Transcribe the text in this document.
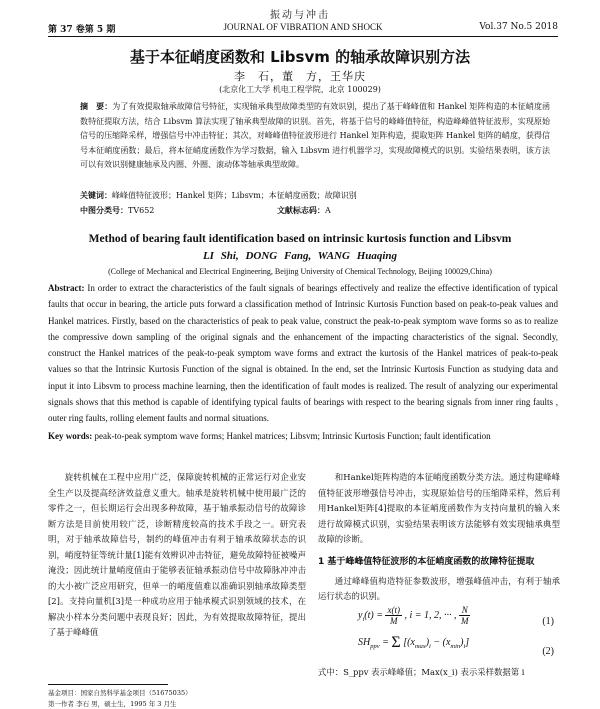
振动与冲击
第 37 卷第 5 期	JOURNAL OF VIBRATION AND SHOCK	Vol.37 No.5 2018
基于本征峭度函数和 Libsvm 的轴承故障识别方法
李　石，董　方，王华庆
(北京化工大学 机电工程学院，北京 100029)
摘　要：为了有效提取轴承故障信号特征，实现轴承典型故障类型的有效识别，提出了基于峰峰值和 Hankel 矩阵构造的本征峭度函数特征提取方法，结合 Libsvm 算法实现了轴承典型故障的识别。首先，将基于信号的峰峰值特征，构造峰峰值特征波形，实现原始信号的压缩降采样，增强信号中冲击特征；其次，对峰峰值特征波形进行 Hankel 矩阵构造，提取矩阵 Hankel 矩阵的峭度，获得信号本征峭度函数；最后，将本征峭度函数作为学习数据，输入 Libsvm 进行机器学习，实现故障模式的识别。实验结果表明，该方法可以有效识别健康轴承及内圈、外圈、滚动体等轴承典型故障。
关键词：峰峰值特征波形；Hankel 矩阵；Libsvm；本征峭度函数；故障识别
中图分类号：TV652	文献标志码：A
Method of bearing fault identification based on intrinsic kurtosis function and Libsvm
LI Shi, DONG Fang, WANG Huaqing
(College of Mechanical and Electrical Engineering, Beijing University of Chemical Technology, Beijing 100029,China)
Abstract: In order to extract the characteristics of the fault signals of bearings effectively and realize the effective identification of typical faults that occur in bearing, the article puts forward a classification method of Intrinsic Kurtosis Function based on peak-to-peak values and Hankel matrices. Firstly, based on the characteristics of peak to peak value, construct the peak-to-peak symptom wave forms so as to realize the compressive down sampling of the original signals and the enhancement of the impacting characteristics of the signal. Secondly, construct the Hankel matrices of the peak-to-peak symptom wave forms and extract the kurtosis of the Hankel matrices of peak-to-peak values so that the Intrinsic Kurtosis Function of the signal is obtained. In the end, set the Intrinsic Kurtosis Function as studying data and input it into Libsvm to process machine learning, then the identification of fault modes is realized. The result of analyzing our experimental signals shows that this method is capable of identifying typical faults of bearings with respect to the bearing signals from inner ring faults , outer ring faults, rolling element faults and normal situations.
Key words: peak-to-peak symptom wave forms; Hankel matrices; Libsvm; Intrinsic Kurtosis Function; fault identification

旋转机械在工程中应用广泛，保障旋转机械的正常运行对企业安全生产以及提高经济效益意义重大。轴承是旋转机械中使用最广泛的零件之一，但长期运行会出现多种故障，基于轴承振动信号的故障诊断方法是目前使用较广泛，诊断精度较高的技术手段之一。研究表明，对于轴承故障信号，制约的峰值冲击有利于轴承故障状态的识别，峭度特征等统计量[1]能有效辨识冲击特征，避免故障特征被噪声淹没；因此统计量峭度值由于能够表征轴承振动信号中故障脉冲冲击的大小被广泛应用研究，但单一的峭度值难以准确识别轴承故障类型[2]。支持向量机[3]是一种成功应用于轴承模式识别领域的技术，在解决小样本分类问题中表现良好；因此，为有效提取故障特征，提出了基于峰峰值

和Hankel矩阵构造的本征峭度函数分类方法。通过构建峰峰值特征波形增强信号冲击，实现原始信号的压缩降采样，然后利用Hankel矩阵[4]提取的本征峭度函数作为支持向量机的输入来进行故障模式识别，实验结果表明该方法能够有效实现轴承典型故障的诊断。

1 基于峰峰值特征波形的本征峭度函数的故障特征提取

通过峰峰值构造特征参数波形，增强峰值冲击，有利于轴承运行状态的识别。

$y_i(t) = \frac{x(t)}{M}$ , i = 1, 2, ··· , $\frac{N}{M}$	(1)
$SH_{ppv} = \Sigma$ $[(x_{max})_i - (x_{min})_i]$
(2)
式中：S_ppv 表示峰峰值；Max(x_i) 表示采样数据第 i
基金项目：国家自然科学基金项目（51675035）
第一作者 李石 男，硕士生，1995 年 3 月生
